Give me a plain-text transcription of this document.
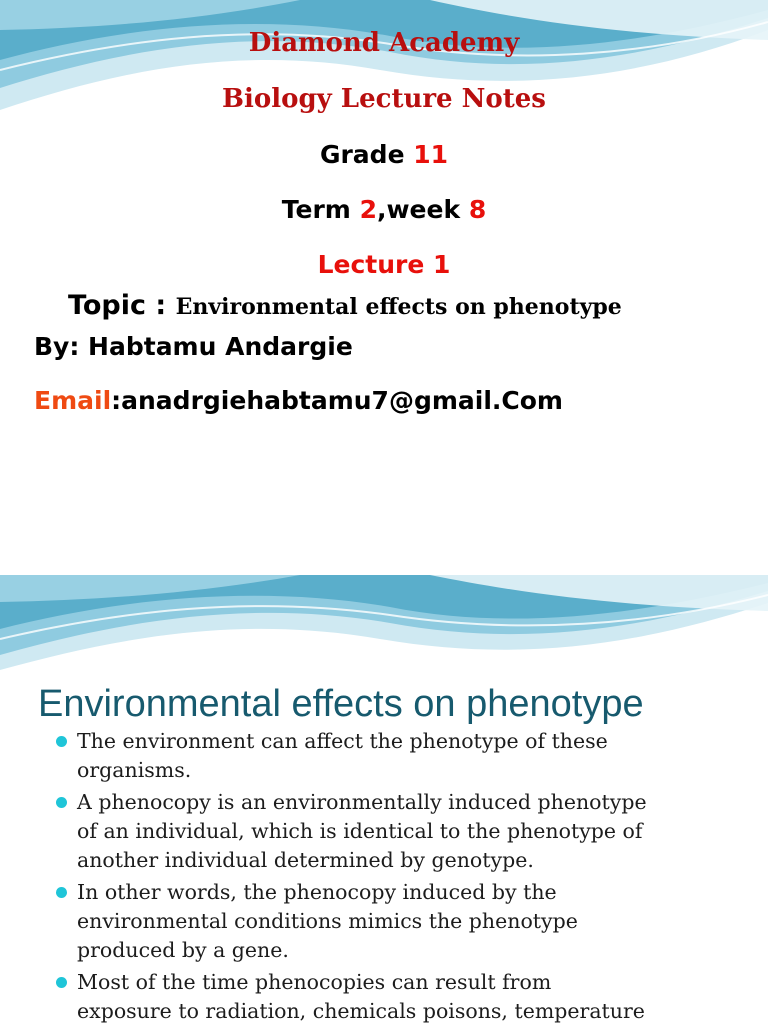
Diamond Academy
Biology Lecture Notes
Grade 11
Term 2,week 8
Lecture 1
Topic : Environmental effects on phenotype
By: Habtamu Andargie
Email:anadrgiehabtamu7@gmail.Com
Environmental effects on phenotype
The environment can affect the phenotype of these
organisms.
A phenocopy is an environmentally induced phenotype
of an individual, which is identical to the phenotype of
another individual determined by genotype.
In other words, the phenocopy induced by the
environmental conditions mimics the phenotype
produced by a gene.
Most of the time phenocopies can result from
exposure to radiation, chemicals poisons, temperature
